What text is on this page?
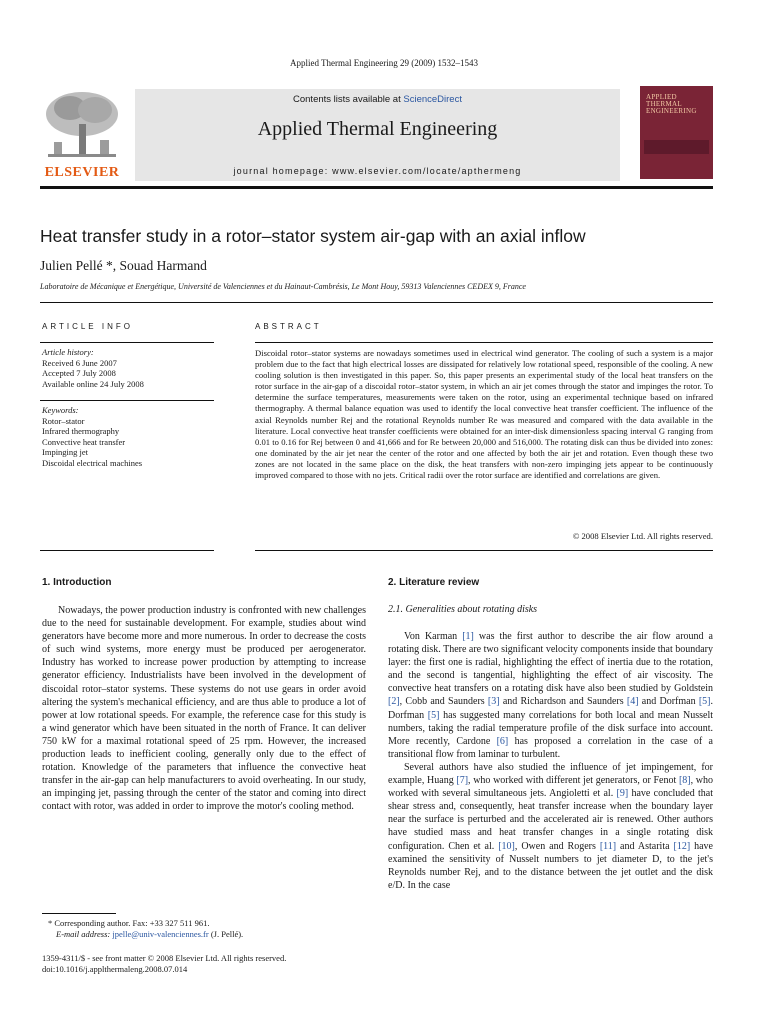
Applied Thermal Engineering 29 (2009) 1532–1543
ELSEVIER
Contents lists available at ScienceDirect
Applied Thermal Engineering
journal homepage: www.elsevier.com/locate/apthermeng
APPLIED
THERMAL
ENGINEERING
Heat transfer study in a rotor–stator system air-gap with an axial inflow
Julien Pellé *, Souad Harmand
Laboratoire de Mécanique et Energétique, Université de Valenciennes et du Hainaut-Cambrésis, Le Mont Houy, 59313 Valenciennes CEDEX 9, France
ARTICLE INFO
Article history:
Received 6 June 2007
Accepted 7 July 2008
Available online 24 July 2008
Keywords:
Rotor–stator
Infrared thermography
Convective heat transfer
Impinging jet
Discoidal electrical machines
ABSTRACT
Discoidal rotor–stator systems are nowadays sometimes used in electrical wind generator. The cooling of such a system is a major problem due to the fact that high electrical losses are dissipated for relatively low rotational speed, responsible of the cooling. A new cooling solution is then investigated in this paper. So, this paper presents an experimental study of the local heat transfers on the rotor surface in the air-gap of a discoidal rotor–stator system, in which an air jet comes through the stator and impinges the rotor. To determine the surface temperatures, measurements were taken on the rotor, using an experimental technique based on infrared thermography. A thermal balance equation was used to identify the local convective heat transfer coefficient. The influence of the axial Reynolds number Rej and the rotational Reynolds number Re was measured and compared with the data available in the literature. Local convective heat transfer coefficients were obtained for an inter-disk dimensionless spacing interval G ranging from 0.01 to 0.16 for Rej between 0 and 41,666 and for Re between 20,000 and 516,000. The rotating disk can thus be divided into zones: one dominated by the air jet near the center of the rotor and one affected by both the air jet and rotation. Even though these two zones are not located in the same place on the disk, the heat transfers with non-zero impinging jets appear to be continuously improved compared to those with no jets. Critical radii over the rotor surface are identified and correlations are given.
© 2008 Elsevier Ltd. All rights reserved.
1. Introduction

Nowadays, the power production industry is confronted with new challenges due to the need for sustainable development. For example, studies about wind generators have become more and more numerous. In order to decrease the costs of such wind systems, more energy must be produced per aerogenerator. Industry has worked to increase power production by attempting to increase generator efficiency. Industrialists have been involved in the development of discoidal rotor–stator systems. These systems do not use gears in order avoid altering the system's mechanical efficiency, and are thus able to produce a lot of power at low rotational speeds. For example, the reference case for this study is a wind generator which have been situated in the north of France. It can deliver 750 kW for a maximal rotational speed of 25 rpm. However, the increased production leads to inefficient cooling, generally only due to the effect of rotation. Knowledge of the parameters that influence the convective heat transfer in the air-gap can help manufacturers to avoid overheating. In our study, an impinging jet, passing through the center of the stator and coming into direct contact with rotor, was added in order to improve the motor's cooling method.

* Corresponding author. Fax: +33 327 511 961.
E-mail address: jpelle@univ-valenciennes.fr (J. Pellé).
1359-4311/$ - see front matter © 2008 Elsevier Ltd. All rights reserved.
doi:10.1016/j.applthermaleng.2008.07.014
2. Literature review
2.1. Generalities about rotating disks

Von Karman [1] was the first author to describe the air flow around a rotating disk. There are two significant velocity components inside that boundary layer: the first one is radial, highlighting the effect of inertia due to the rotation, and the second is tangential, highlighting the effect of air viscosity. The convective heat transfers on a rotating disk have also been studied by Goldstein [2], Cobb and Saunders [3] and Richardson and Saunders [4] and Dorfman [5]. Dorfman [5] has suggested many correlations for both local and mean Nusselt numbers, taking the radial temperature profile of the disk surface into account. More recently, Cardone [6] has proposed a correlation in the case of a transitional flow from laminar to turbulent.

Several authors have also studied the influence of jet impingement, for example, Huang [7], who worked with different jet generators, or Fenot [8], who worked with several simultaneous jets. Angioletti et al. [9] have concluded that shear stress and, consequently, heat transfer increase when the boundary layer near the surface is perturbed and the accelerated air is renewed. Other authors have studied mass and heat transfer changes in a single rotating disk configuration. Chen et al. [10], Owen and Rogers [11] and Astarita [12] have examined the sensitivity of Nusselt numbers to jet diameter D, to the jet's Reynolds number Rej, and to the distance between the jet outlet and the disk e/D. In the case
